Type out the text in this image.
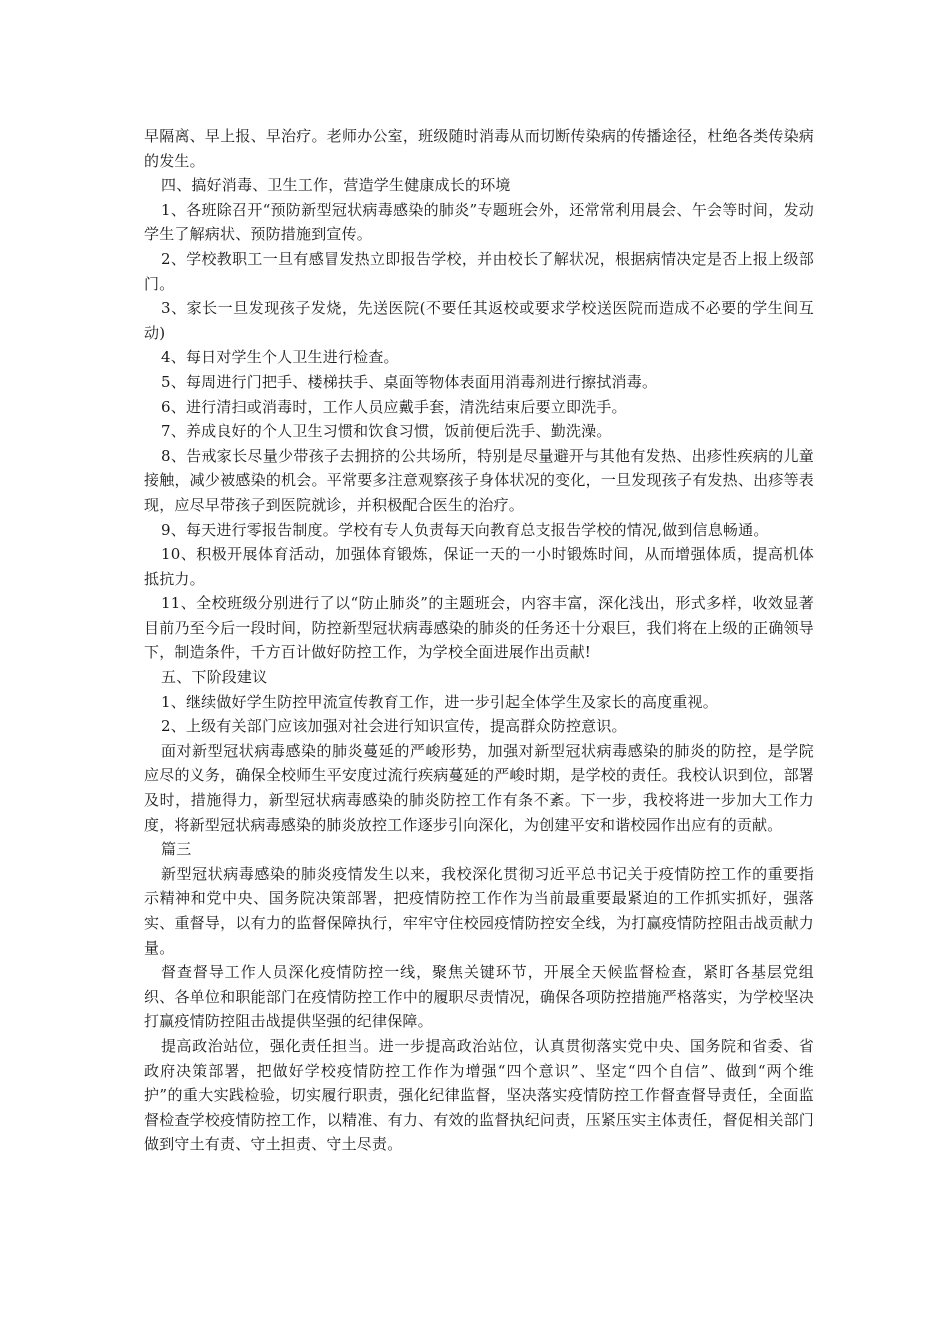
早隔离、早上报、早治疗。老师办公室，班级随时消毒从而切断传染病的传播途径，杜绝各类传染病的发生。

四、搞好消毒、卫生工作，营造学生健康成长的环境

1、各班除召开“预防新型冠状病毒感染的肺炎”专题班会外，还常常利用晨会、午会等时间，发动学生了解病状、预防措施到宣传。

2、学校教职工一旦有感冒发热立即报告学校，并由校长了解状况，根据病情决定是否上报上级部门。

3、家长一旦发现孩子发烧，先送医院(不要任其返校或要求学校送医院而造成不必要的学生间互动)

4、每日对学生个人卫生进行检查。

5、每周进行门把手、楼梯扶手、桌面等物体表面用消毒剂进行擦拭消毒。

6、进行清扫或消毒时，工作人员应戴手套，清洗结束后要立即洗手。

7、养成良好的个人卫生习惯和饮食习惯，饭前便后洗手、勤洗澡。

8、告戒家长尽量少带孩子去拥挤的公共场所，特别是尽量避开与其他有发热、出疹性疾病的儿童接触，减少被感染的机会。平常要多注意观察孩子身体状况的变化，一旦发现孩子有发热、出疹等表现，应尽早带孩子到医院就诊，并积极配合医生的治疗。

9、每天进行零报告制度。学校有专人负责每天向教育总支报告学校的情况,做到信息畅通。

10、积极开展体育活动，加强体育锻炼，保证一天的一小时锻炼时间，从而增强体质，提高机体抵抗力。

11、全校班级分别进行了以“防止肺炎”的主题班会，内容丰富，深化浅出，形式多样，收效显著目前乃至今后一段时间，防控新型冠状病毒感染的肺炎的任务还十分艰巨，我们将在上级的正确领导下，制造条件，千方百计做好防控工作，为学校全面进展作出贡献!

五、下阶段建议

1、继续做好学生防控甲流宣传教育工作，进一步引起全体学生及家长的高度重视。

2、上级有关部门应该加强对社会进行知识宣传，提高群众防控意识。

面对新型冠状病毒感染的肺炎蔓延的严峻形势，加强对新型冠状病毒感染的肺炎的防控，是学院应尽的义务，确保全校师生平安度过流行疾病蔓延的严峻时期，是学校的责任。我校认识到位，部署及时，措施得力，新型冠状病毒感染的肺炎防控工作有条不紊。下一步，我校将进一步加大工作力度，将新型冠状病毒感染的肺炎放控工作逐步引向深化，为创建平安和谐校园作出应有的贡献。

篇三

新型冠状病毒感染的肺炎疫情发生以来，我校深化贯彻习近平总书记关于疫情防控工作的重要指示精神和党中央、国务院决策部署，把疫情防控工作作为当前最重要最紧迫的工作抓实抓好，强落实、重督导，以有力的监督保障执行，牢牢守住校园疫情防控安全线，为打赢疫情防控阻击战贡献力量。

督查督导工作人员深化疫情防控一线，聚焦关键环节，开展全天候监督检查，紧盯各基层党组织、各单位和职能部门在疫情防控工作中的履职尽责情况，确保各项防控措施严格落实，为学校坚决打赢疫情防控阻击战提供坚强的纪律保障。

提高政治站位，强化责任担当。进一步提高政治站位，认真贯彻落实党中央、国务院和省委、省政府决策部署，把做好学校疫情防控工作作为增强“四个意识”、坚定“四个自信”、做到“两个维护”的重大实践检验，切实履行职责，强化纪律监督，坚决落实疫情防控工作督查督导责任，全面监督检查学校疫情防控工作，以精准、有力、有效的监督执纪问责，压紧压实主体责任，督促相关部门做到守土有责、守土担责、守土尽责。
